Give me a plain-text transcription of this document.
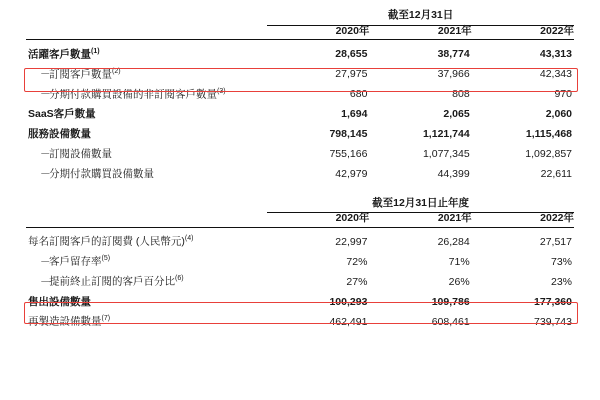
	截至12月31日		
	2020年	2021年	2022年
活躍客戶數量$^{(1)}$	28,655	38,774	43,313
－訂閱客戶數量$^{(2)}$	27,975	37,966	42,343
－分期付款購買設備的非訂閱客戶數量$^{(3)}$	680	808	970
SaaS客戶數量	1,694	2,065	2,060
服務設備數量	798,145	1,121,744	1,115,468
－訂閱設備數量	755,166	1,077,345	1,092,857
－分期付款購買設備數量	42,979	44,399	22,611
	截至12月31日止年度		
	2020年	2021年	2022年
每名訂閱客戶的訂閱費 (人民幣元)$^{(4)}$	22,997	26,284	27,517
－客戶留存率$^{(5)}$	72%	71%	73%
－提前終止訂閱的客戶百分比$^{(6)}$	27%	26%	23%
售出設備數量	100,293	109,786	177,360
再製造設備數量$^{(7)}$	462,491	608,461	739,743
